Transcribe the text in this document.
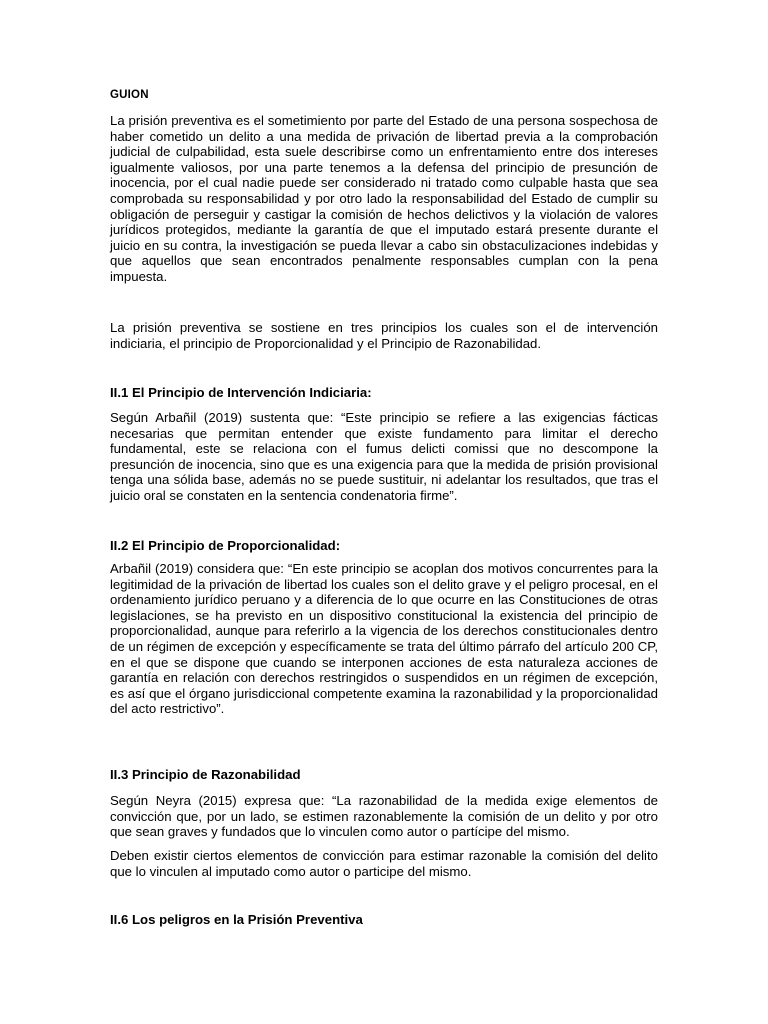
GUION

La prisión preventiva es el sometimiento por parte del Estado de una persona sospechosa de haber cometido un delito a una medida de privación de libertad previa a la comprobación judicial de culpabilidad, esta suele describirse como un enfrentamiento entre dos intereses igualmente valiosos, por una parte tenemos a la defensa del principio de presunción de inocencia, por el cual nadie puede ser considerado ni tratado como culpable hasta que sea comprobada su responsabilidad y por otro lado la responsabilidad del Estado de cumplir su obligación de perseguir y castigar la comisión de hechos delictivos y la violación de valores jurídicos protegidos, mediante la garantía de que el imputado estará presente durante el juicio en su contra, la investigación se pueda llevar a cabo sin obstaculizaciones indebidas y que aquellos que sean encontrados penalmente responsables cumplan con la pena impuesta.

La prisión preventiva se sostiene en tres principios los cuales son el de intervención indiciaria, el principio de Proporcionalidad y el Principio de Razonabilidad.

II.1 El Principio de Intervención Indiciaria:

Según Arbañil (2019) sustenta que: “Este principio se refiere a las exigencias fácticas necesarias que permitan entender que existe fundamento para limitar el derecho fundamental, este se relaciona con el fumus delicti comissi que no descompone la presunción de inocencia, sino que es una exigencia para que la medida de prisión provisional tenga una sólida base, además no se puede sustituir, ni adelantar los resultados, que tras el juicio oral se constaten en la sentencia condenatoria firme”.

II.2 El Principio de Proporcionalidad:

Arbañil (2019) considera que: “En este principio se acoplan dos motivos concurrentes para la legitimidad de la privación de libertad los cuales son el delito grave y el peligro procesal, en el ordenamiento jurídico peruano y a diferencia de lo que ocurre en las Constituciones de otras legislaciones, se ha previsto en un dispositivo constitucional la existencia del principio de proporcionalidad, aunque para referirlo a la vigencia de los derechos constitucionales dentro de un régimen de excepción y específicamente se trata del último párrafo del artículo 200 CP, en el que se dispone que cuando se interponen acciones de esta naturaleza acciones de garantía en relación con derechos restringidos o suspendidos en un régimen de excepción, es así que el órgano jurisdiccional competente examina la razonabilidad y la proporcionalidad del acto restrictivo”.

II.3 Principio de Razonabilidad

Según Neyra (2015) expresa que: “La razonabilidad de la medida exige elementos de convicción que, por un lado, se estimen razonablemente la comisión de un delito y por otro que sean graves y fundados que lo vinculen como autor o partícipe del mismo.

Deben existir ciertos elementos de convicción para estimar razonable la comisión del delito que lo vinculen al imputado como autor o participe del mismo.

II.6 Los peligros en la Prisión Preventiva
